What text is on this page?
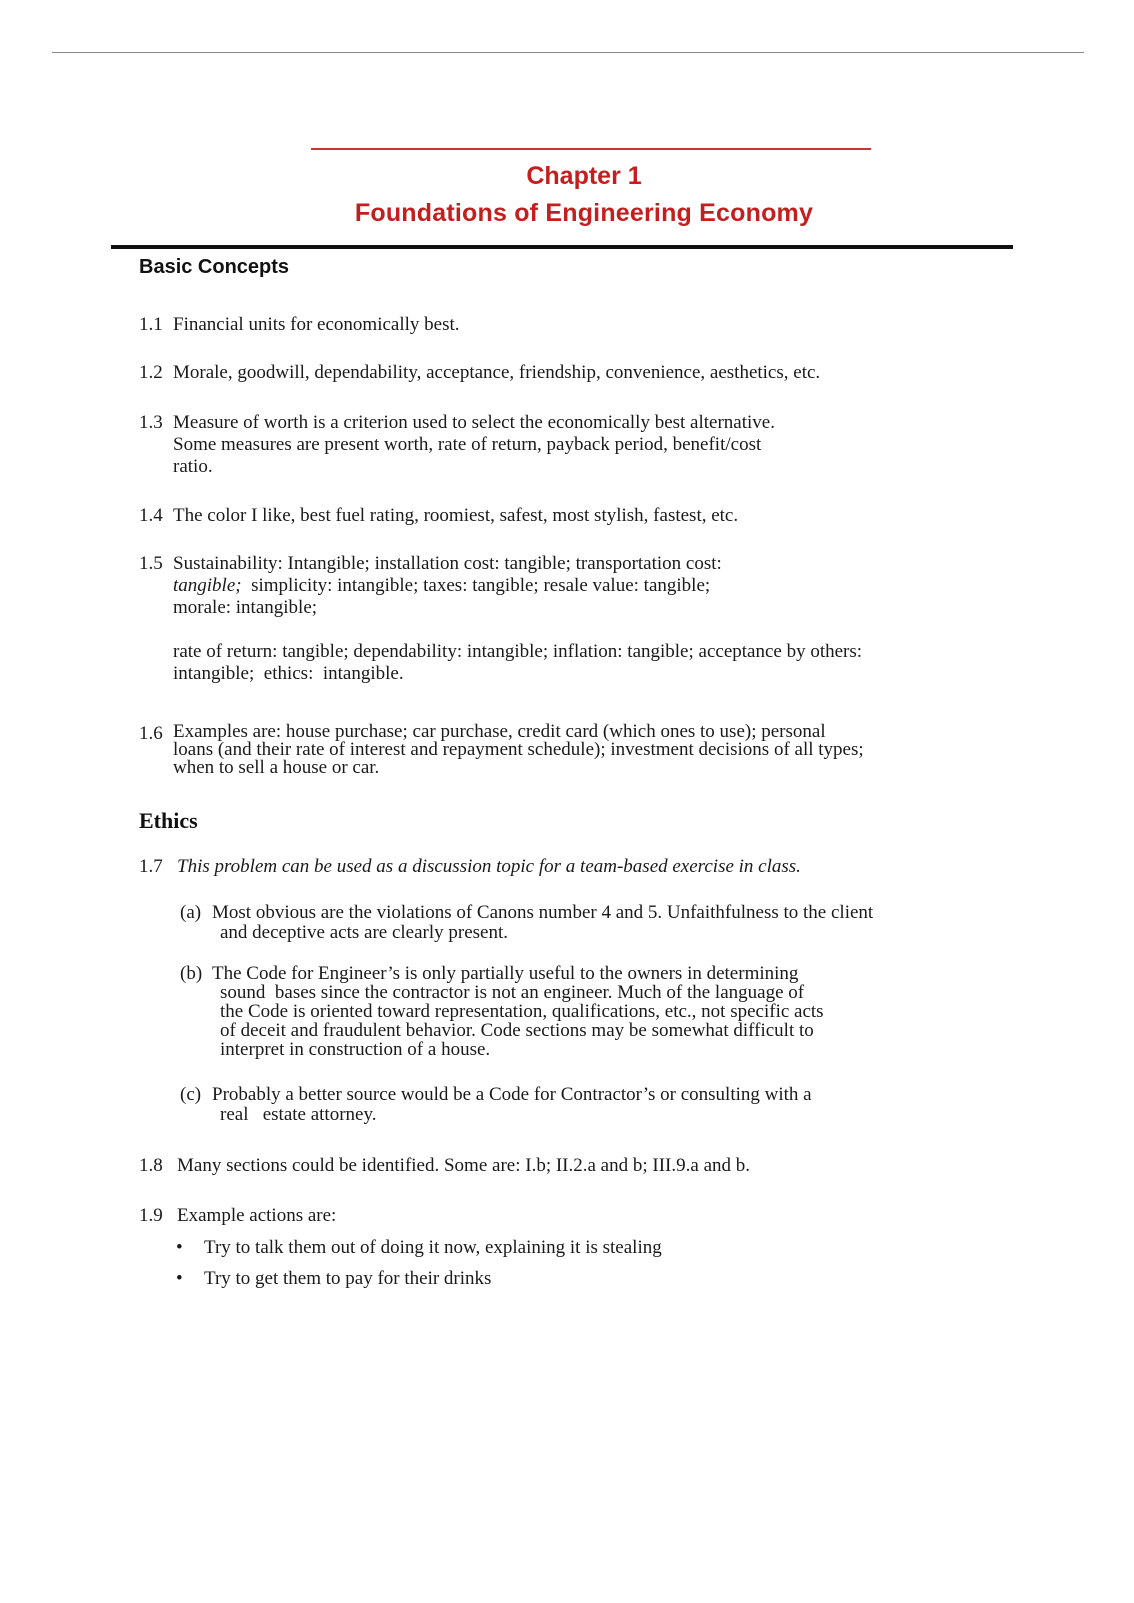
Chapter 1
Foundations of Engineering Economy
Basic Concepts
1.1 Financial units for economically best.
1.2 Morale, goodwill, dependability, acceptance, friendship, convenience, aesthetics, etc.
1.3 Measure of worth is a criterion used to select the economically best alternative.
Some measures are present worth, rate of return, payback period, benefit/cost
ratio.
1.4 The color I like, best fuel rating, roomiest, safest, most stylish, fastest, etc.
1.5 Sustainability: Intangible; installation cost: tangible; transportation cost:
tangible;  simplicity: intangible; taxes: tangible; resale value: tangible;
morale: intangible;
rate of return: tangible; dependability: intangible; inflation: tangible; acceptance by others:
intangible;  ethics:  intangible.
1.6 Examples are: house purchase; car purchase, credit card (which ones to use); personal
loans (and their rate of interest and repayment schedule); investment decisions of all types;
when to sell a house or car.
Ethics
1.7 This problem can be used as a discussion topic for a team-based exercise in class.
(a) Most obvious are the violations of Canons number 4 and 5. Unfaithfulness to the client
and deceptive acts are clearly present.
(b) The Code for Engineer’s is only partially useful to the owners in determining
sound  bases since the contractor is not an engineer. Much of the language of
the Code is oriented toward representation, qualifications, etc., not specific acts
of deceit and fraudulent behavior. Code sections may be somewhat difficult to
interpret in construction of a house.
(c) Probably a better source would be a Code for Contractor’s or consulting with a
real   estate attorney.
1.8 Many sections could be identified. Some are: I.b; II.2.a and b; III.9.a and b.
1.9 Example actions are:
• Try to talk them out of doing it now, explaining it is stealing
• Try to get them to pay for their drinks
